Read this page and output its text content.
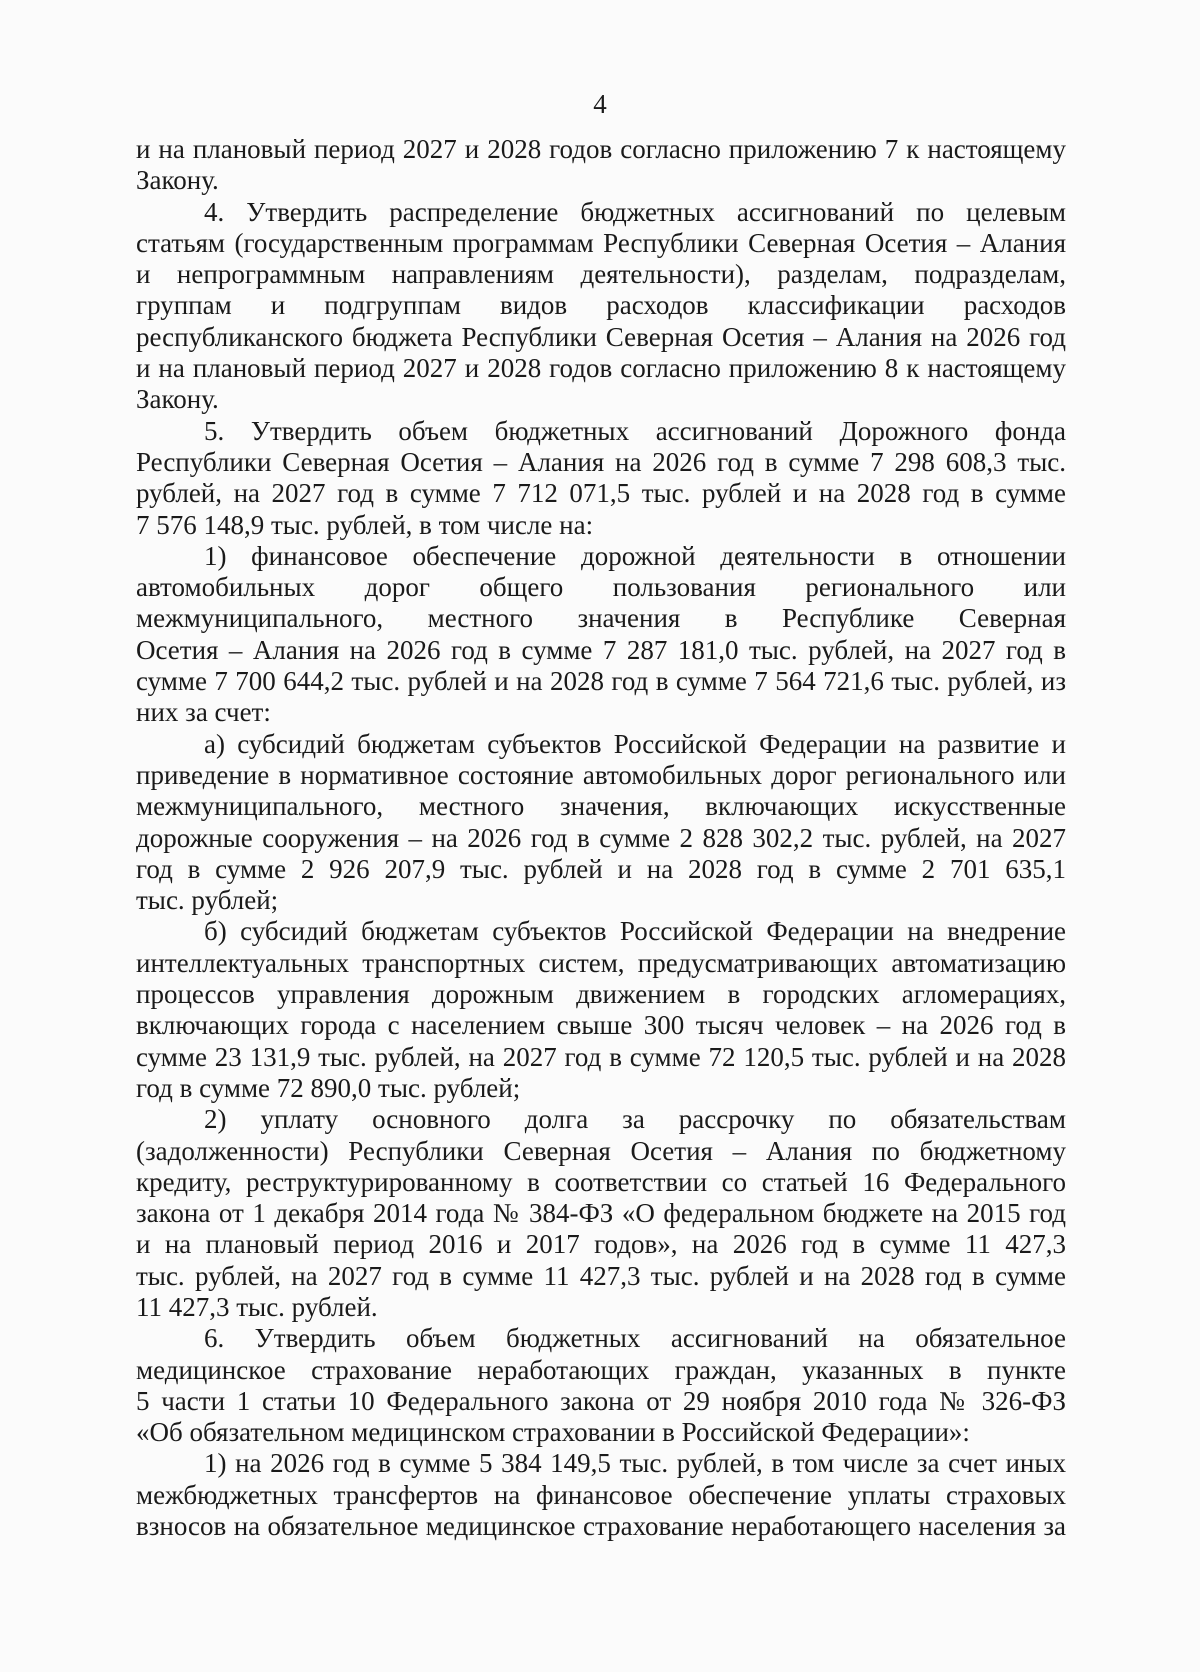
4
и на плановый период 2027 и 2028 годов согласно приложению 7 к настоящему
Закону.
4. Утвердить распределение бюджетных ассигнований по целевым
статьям (государственным программам Республики Северная Осетия – Алания
и непрограммным направлениям деятельности), разделам, подразделам,
группам и подгруппам видов расходов классификации расходов
республиканского бюджета Республики Северная Осетия – Алания на 2026 год
и на плановый период 2027 и 2028 годов согласно приложению 8 к настоящему
Закону.
5. Утвердить объем бюджетных ассигнований Дорожного фонда
Республики Северная Осетия – Алания на 2026 год в сумме 7 298 608,3 тыс.
рублей, на 2027 год в сумме 7 712 071,5 тыс. рублей и на 2028 год в сумме
7 576 148,9 тыс. рублей, в том числе на:
1) финансовое обеспечение дорожной деятельности в отношении
автомобильных дорог общего пользования регионального или
межмуниципального, местного значения в Республике Северная
Осетия – Алания на 2026 год в сумме 7 287 181,0 тыс. рублей, на 2027 год в
сумме 7 700 644,2 тыс. рублей и на 2028 год в сумме 7 564 721,6 тыс. рублей, из
них за счет:
а) субсидий бюджетам субъектов Российской Федерации на развитие и
приведение в нормативное состояние автомобильных дорог регионального или
межмуниципального, местного значения, включающих искусственные
дорожные сооружения – на 2026 год в сумме 2 828 302,2 тыс. рублей, на 2027
год в сумме 2 926 207,9 тыс. рублей и на 2028 год в сумме 2 701 635,1
тыс. рублей;
б) субсидий бюджетам субъектов Российской Федерации на внедрение
интеллектуальных транспортных систем, предусматривающих автоматизацию
процессов управления дорожным движением в городских агломерациях,
включающих города с населением свыше 300 тысяч человек – на 2026 год в
сумме 23 131,9 тыс. рублей, на 2027 год в сумме 72 120,5 тыс. рублей и на 2028
год в сумме 72 890,0 тыс. рублей;
2) уплату основного долга за рассрочку по обязательствам
(задолженности) Республики Северная Осетия – Алания по бюджетному
кредиту, реструктурированному в соответствии со статьей 16 Федерального
закона от 1 декабря 2014 года № 384-ФЗ «О федеральном бюджете на 2015 год
и на плановый период 2016 и 2017 годов», на 2026 год в сумме 11 427,3
тыс. рублей, на 2027 год в сумме 11 427,3 тыс. рублей и на 2028 год в сумме
11 427,3 тыс. рублей.
6. Утвердить объем бюджетных ассигнований на обязательное
медицинское страхование неработающих граждан, указанных в пункте
5 части 1 статьи 10 Федерального закона от 29 ноября 2010 года № 326-ФЗ
«Об обязательном медицинском страховании в Российской Федерации»:
1) на 2026 год в сумме 5 384 149,5 тыс. рублей, в том числе за счет иных
межбюджетных трансфертов на финансовое обеспечение уплаты страховых
взносов на обязательное медицинское страхование неработающего населения за
